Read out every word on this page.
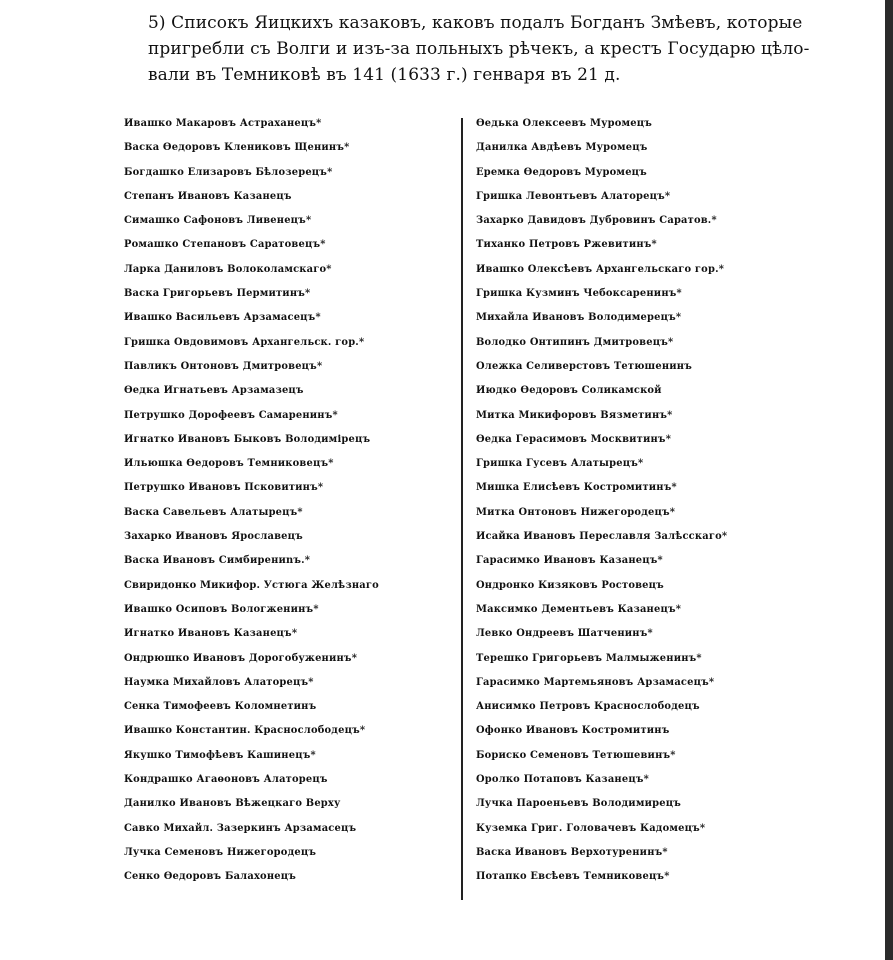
5) Списокъ Яицкихъ казаковъ, каковъ подалъ Богданъ Змѣевъ, которые
пригребли съ Волги и изъ-за польныхъ рѣчекъ, а крестъ Государю цѣло-
вали въ Темниковѣ въ 141 (1633 г.) генваря въ 21 д.
Ивашко Макаровъ Астраханецъ*
Васка Ѳедоровъ Клениковъ Щенинъ*
Богдашко Елизаровъ Бѣлозерецъ*
Степанъ Ивановъ Казанецъ
Симашко Сафоновъ Ливенецъ*
Ромашко Степановъ Саратовецъ*
Ларка Даниловъ Волоколамскаго*
Васка Григорьевъ Пермитинъ*
Ивашко Васильевъ Арзамасецъ*
Гришка Овдовимовъ Архангельск. гор.*
Павликъ Онтоновъ Дмитровецъ*
Ѳедка Игнатьевъ Арзамазецъ
Петрушко Дорофеевъ Самаренинъ*
Игнатко Ивановъ Быковъ Володимірецъ
Ильюшка Ѳедоровъ Темниковецъ*
Петрушко Ивановъ Псковитинъ*
Васка Савельевъ Алатырецъ*
Захарко Ивановъ Ярославецъ
Васка Ивановъ Симбирениnъ.*
Свиридонко Микифор. Устюга Желѣзнаго
Ивашко Осиповъ Вологженинъ*
Игнатко Ивановъ Казанецъ*
Ондрюшко Ивановъ Дорогобуженинъ*
Наумка Михайловъ Алаторецъ*
Сенка Тимофеевъ Коломнетинъ
Ивашко Константин. Краснослободецъ*
Якушко Тимофѣевъ Кашинецъ*
Кондрашко Агаѳоновъ Алаторецъ
Данилко Ивановъ Вѣжецкаго Верху
Савко Михайл. Зазеркинъ Арзамасецъ
Лучка Семеновъ Нижегородецъ
Сенко Ѳедоровъ Балахонецъ
Ѳедька Олексеевъ Муромецъ
Данилка Авдѣевъ Муромецъ
Еремка Ѳедоровъ Муромецъ
Гришка Левонтьевъ Алаторецъ*
Захарко Давидовъ Дубровинъ Саратов.*
Тиханко Петровъ Ржевитинъ*
Ивашко Олексѣевъ Архангельскаго гор.*
Гришка Кузминъ Чебоксаренинъ*
Михайла Ивановъ Володимерецъ*
Володко Онтипинъ Дмитровецъ*
Олежка Селиверстовъ Тетюшенинъ
Июдко Ѳедоровъ Соликамской
Митка Микифоровъ Вязметинъ*
Ѳедка Герасимовъ Москвитинъ*
Гришка Гусевъ Алатырецъ*
Мишка Елисѣевъ Костромитинъ*
Митка Онтоновъ Нижегородецъ*
Исайка Ивановъ Переславля Залѣсскаго*
Гарасимко Ивановъ Казанецъ*
Ондронко Кизяковъ Ростовецъ
Максимко Дементьевъ Казанецъ*
Левко Ондреевъ Шатченинъ*
Терешко Григорьевъ Малмыженинъ*
Гарасимко Мартемьяновъ Арзамасецъ*
Анисимко Петровъ Краснослободецъ
Офонко Ивановъ Костромитинъ
Бориско Семеновъ Тетюшевинъ*
Оролко Потаповъ Казанецъ*
Лучка Пароеньевъ Володимирецъ
Куземка Григ. Головачевъ Кадомецъ*
Васка Ивановъ Верхотуренинъ*
Потапко Евсѣевъ Темниковецъ*
